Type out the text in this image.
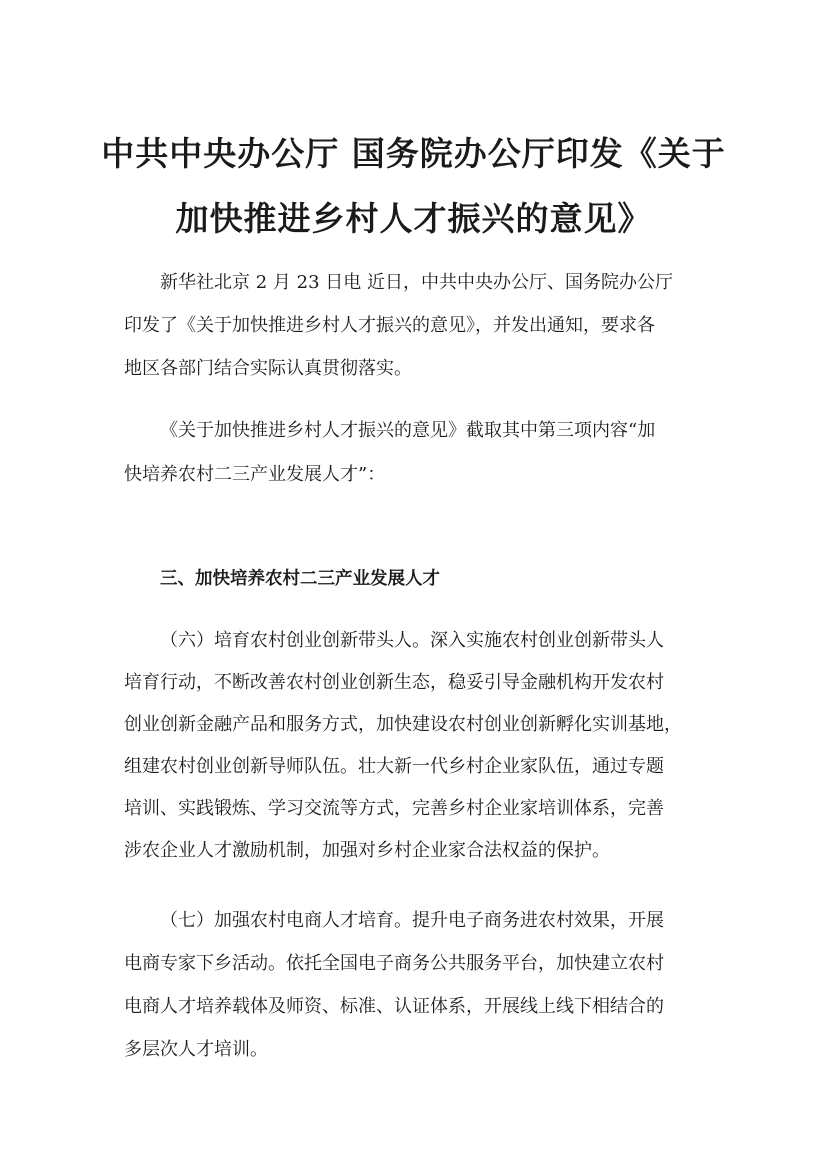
中共中央办公厅 国务院办公厅印发《关于
加快推进乡村人才振兴的意见》
新华社北京 2 月 23 日电 近日，中共中央办公厅、国务院办公厅
印发了《关于加快推进乡村人才振兴的意见》，并发出通知，要求各
地区各部门结合实际认真贯彻落实。
《关于加快推进乡村人才振兴的意见》截取其中第三项内容“加
快培养农村二三产业发展人才”：
三、加快培养农村二三产业发展人才
（六）培育农村创业创新带头人。深入实施农村创业创新带头人
培育行动，不断改善农村创业创新生态，稳妥引导金融机构开发农村
创业创新金融产品和服务方式，加快建设农村创业创新孵化实训基地，
组建农村创业创新导师队伍。壮大新一代乡村企业家队伍，通过专题
培训、实践锻炼、学习交流等方式，完善乡村企业家培训体系，完善
涉农企业人才激励机制，加强对乡村企业家合法权益的保护。
（七）加强农村电商人才培育。提升电子商务进农村效果，开展
电商专家下乡活动。依托全国电子商务公共服务平台，加快建立农村
电商人才培养载体及师资、标准、认证体系，开展线上线下相结合的
多层次人才培训。
